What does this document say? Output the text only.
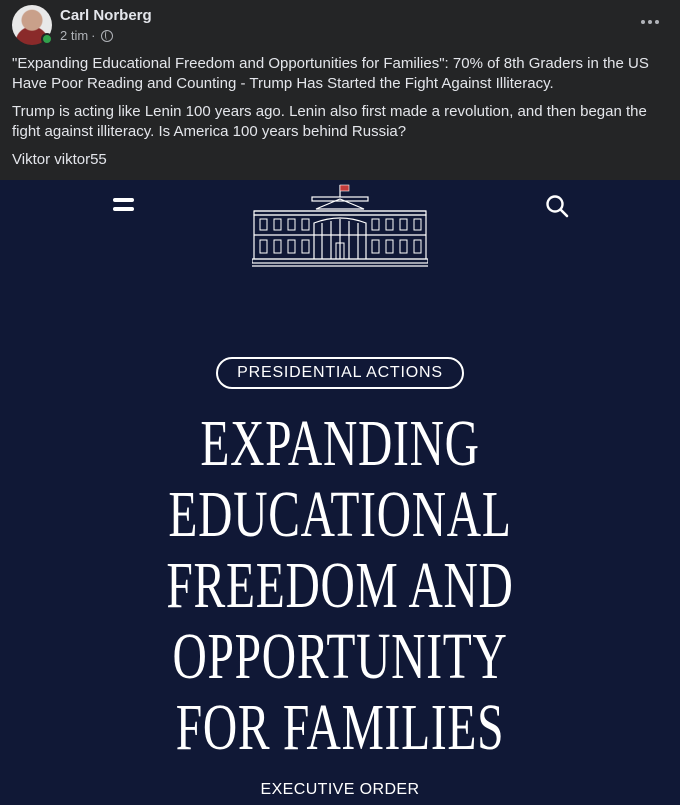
Carl Norberg
2 tim ·

"Expanding Educational Freedom and Opportunities for Families": 70% of 8th Graders in the US Have Poor Reading and Counting - Trump Has Started the Fight Against Illiteracy.

Trump is acting like Lenin 100 years ago. Lenin also first made a revolution, and then began the fight against illiteracy. Is America 100 years behind Russia?

Viktor viktor55

PRESIDENTIAL ACTIONS
EXPANDING
EDUCATIONAL
FREEDOM AND
OPPORTUNITY
FOR FAMILIES
EXECUTIVE ORDER
